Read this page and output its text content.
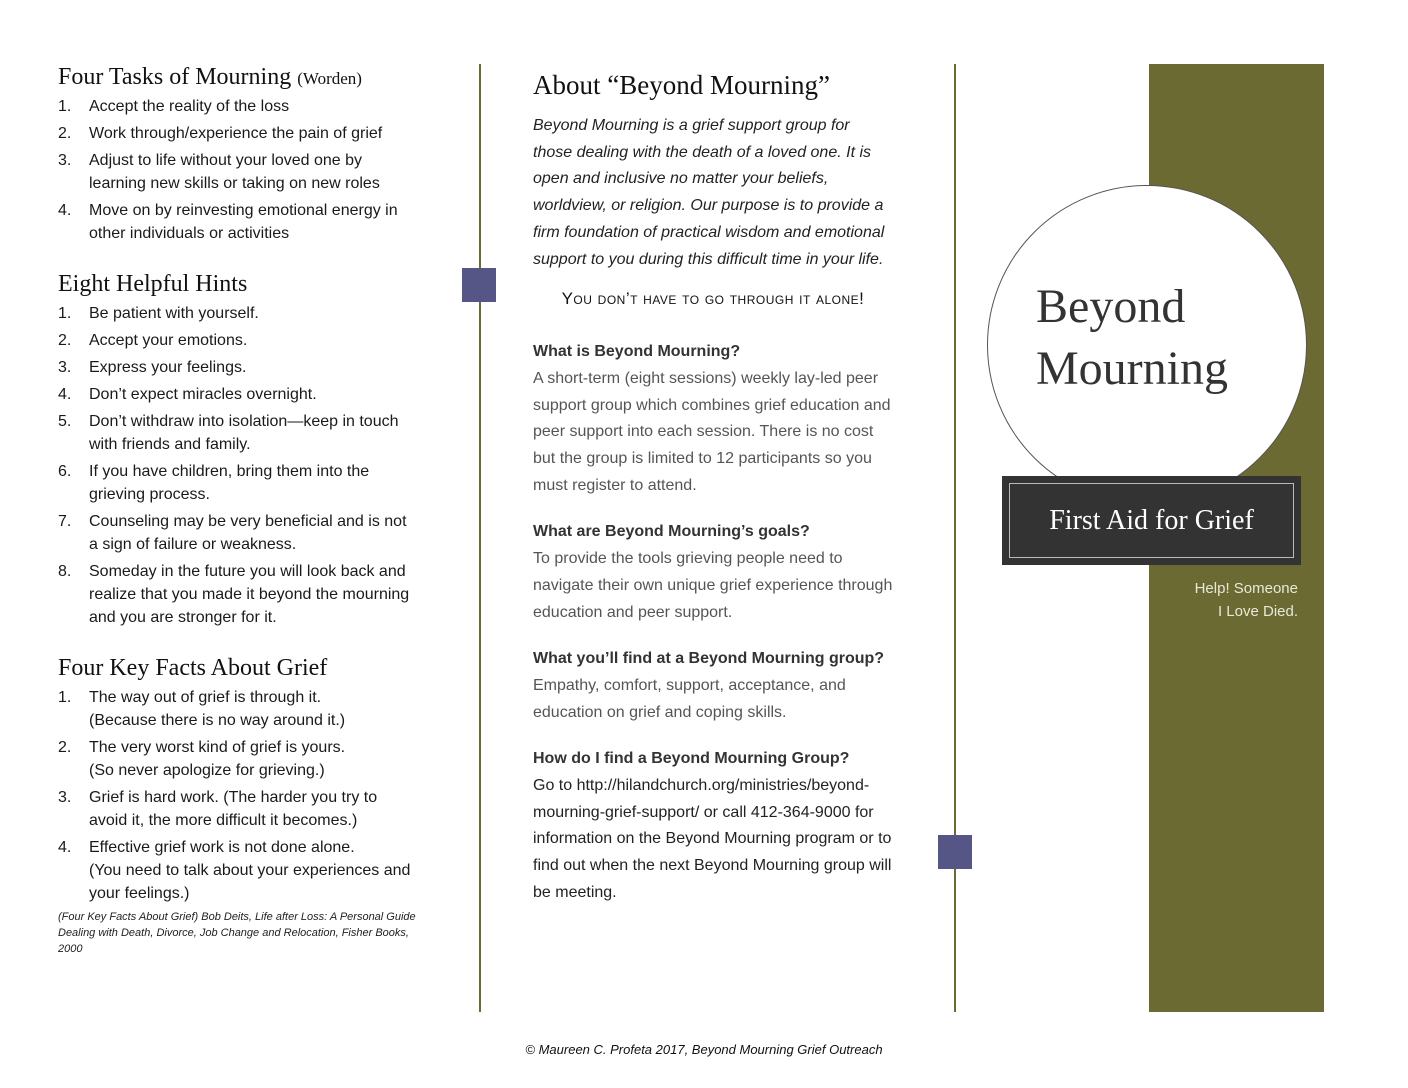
Four Tasks of Mourning (Worden)
1.	Accept the reality of the loss
2.	Work through/experience the pain of grief
3.	Adjust to life without your loved one by learning new skills or taking on new roles
4.	Move on by reinvesting emotional energy in other individuals or activities
Eight Helpful Hints
1.	Be patient with yourself.
2.	Accept your emotions.
3.	Express your feelings.
4.	Don’t expect miracles overnight.
5.	Don’t withdraw into isolation—keep in touch with friends and family.
6.	If you have children, bring them into the grieving process.
7.	Counseling may be very beneficial and is not a sign of failure or weakness.
8.	Someday in the future you will look back and realize that you made it beyond the mourning and you are stronger for it.
Four Key Facts About Grief
1.	The way out of grief is through it.
(Because there is no way around it.)
2.	The very worst kind of grief is yours.
(So never apologize for grieving.)
3.	Grief is hard work. (The harder you try to avoid it, the more difficult it becomes.)
4.	Effective grief work is not done alone.
(You need to talk about your experiences and your feelings.)
(Four Key Facts About Grief) Bob Deits, Life after Loss: A Personal Guide Dealing with Death, Divorce, Job Change and Relocation, Fisher Books, 2000
About “Beyond Mourning”

Beyond Mourning is a grief support group for those dealing with the death of a loved one. It is open and inclusive no matter your beliefs, worldview, or religion. Our purpose is to provide a firm foundation of practical wisdom and emotional support to you during this difficult time in your life.

You don’t have to go through it alone!
What is Beyond Mourning?
A short-term (eight sessions) weekly lay-led peer support group which combines grief education and peer support into each session. There is no cost but the group is limited to 12 participants so you must register to attend.
What are Beyond Mourning’s goals?
To provide the tools grieving people need to navigate their own unique grief experience through education and peer support.
What you’ll find at a Beyond Mourning group?
Empathy, comfort, support, acceptance, and education on grief and coping skills.
How do I find a Beyond Mourning Group?
Go to http://hilandchurch.org/ministries/beyond-mourning-grief-support/ or call 412-364-9000 for information on the Beyond Mourning program or to find out when the next Beyond Mourning group will be meeting.
Beyond
Mourning
First Aid for Grief
Help! Someone
I Love Died.
© Maureen C. Profeta 2017, Beyond Mourning Grief Outreach
